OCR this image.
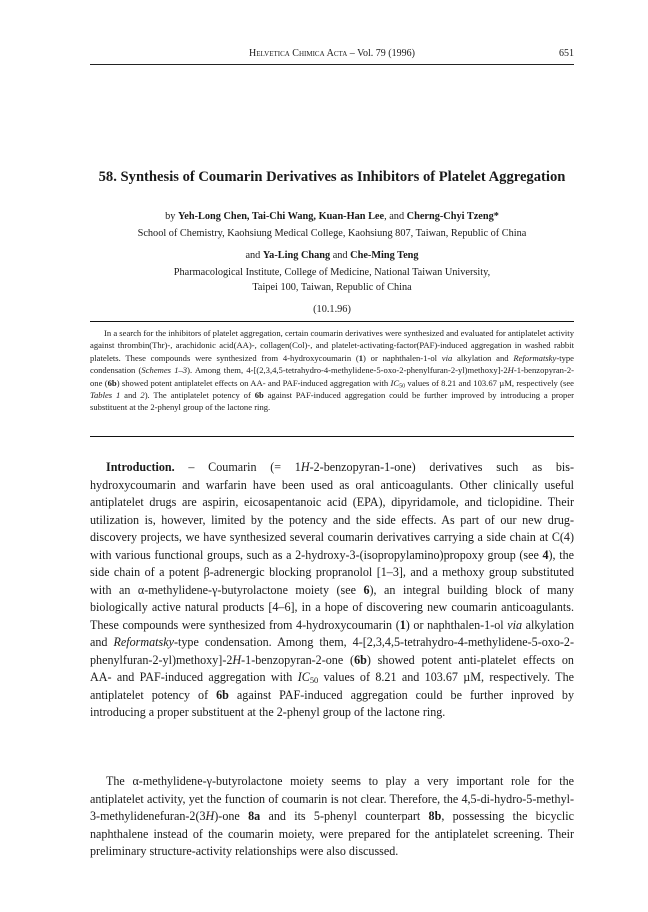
Helvetica Chimica Acta – Vol. 79 (1996)	651
58. Synthesis of Coumarin Derivatives as Inhibitors of Platelet Aggregation

by Yeh-Long Chen, Tai-Chi Wang, Kuan-Han Lee, and Cherng-Chyi Tzeng*

School of Chemistry, Kaohsiung Medical College, Kaohsiung 807, Taiwan, Republic of China

and Ya-Ling Chang and Che-Ming Teng

Pharmacological Institute, College of Medicine, National Taiwan University,

Taipei 100, Taiwan, Republic of China

(10.1.96)

In a search for the inhibitors of platelet aggregation, certain coumarin derivatives were synthesized and evaluated for antiplatelet activity against thrombin(Thr)-, arachidonic acid(AA)-, collagen(Col)-, and platelet-activating-factor(PAF)-induced aggregation in washed rabbit platelets. These compounds were synthesized from 4-hydroxycoumarin (1) or naphthalen-1-ol via alkylation and Reformatsky-type condensation (Schemes 1–3). Among them, 4-[(2,3,4,5-tetrahydro-4-methylidene-5-oxo-2-phenylfuran-2-yl)methoxy]-2H-1-benzopyran-2-one (6b) showed potent antiplatelet effects on AA- and PAF-induced aggregation with $IC_{50}$ values of 8.21 and 103.67 µM, respectively (see Tables 1 and 2). The antiplatelet potency of 6b against PAF-induced aggregation could be further improved by introducing a proper substituent at the 2-phenyl group of the lactone ring.

Introduction. – Coumarin (= 1H-2-benzopyran-1-one) derivatives such as bis-hydroxycoumarin and warfarin have been used as oral anticoagulants. Other clinically useful antiplatelet drugs are aspirin, eicosapentanoic acid (EPA), dipyridamole, and ticlopidine. Their utilization is, however, limited by the potency and the side effects. As part of our new drug-discovery projects, we have synthesized several coumarin derivatives carrying a side chain at C(4) with various functional groups, such as a 2-hydroxy-3-(isopropylamino)propoxy group (see 4), the side chain of a potent β-adrenergic blocking propranolol [1–3], and a methoxy group substituted with an α-methylidene-γ-butyrolactone moiety (see 6), an integral building block of many biologically active natural products [4–6], in a hope of discovering new coumarin anticoagulants. These compounds were synthesized from 4-hydroxycoumarin (1) or naphthalen-1-ol via alkylation and Reformatsky-type condensation. Among them, 4-[2,3,4,5-tetrahydro-4-methylidene-5-oxo-2-phenylfuran-2-yl)methoxy]-2H-1-benzopyran-2-one (6b) showed potent anti-platelet effects on AA- and PAF-induced aggregation with $IC_{50}$ values of 8.21 and 103.67 µM, respectively. The antiplatelet potency of 6b against PAF-induced aggregation could be further inproved by introducing a proper substituent at the 2-phenyl group of the lactone ring.

The α-methylidene-γ-butyrolactone moiety seems to play a very important role for the antiplatelet activity, yet the function of coumarin is not clear. Therefore, the 4,5-di-hydro-5-methyl-3-methylidenefuran-2(3H)-one 8a and its 5-phenyl counterpart 8b, possessing the bicyclic naphthalene instead of the coumarin moiety, were prepared for the antiplatelet screening. Their preliminary structure-activity relationships were also discussed.
